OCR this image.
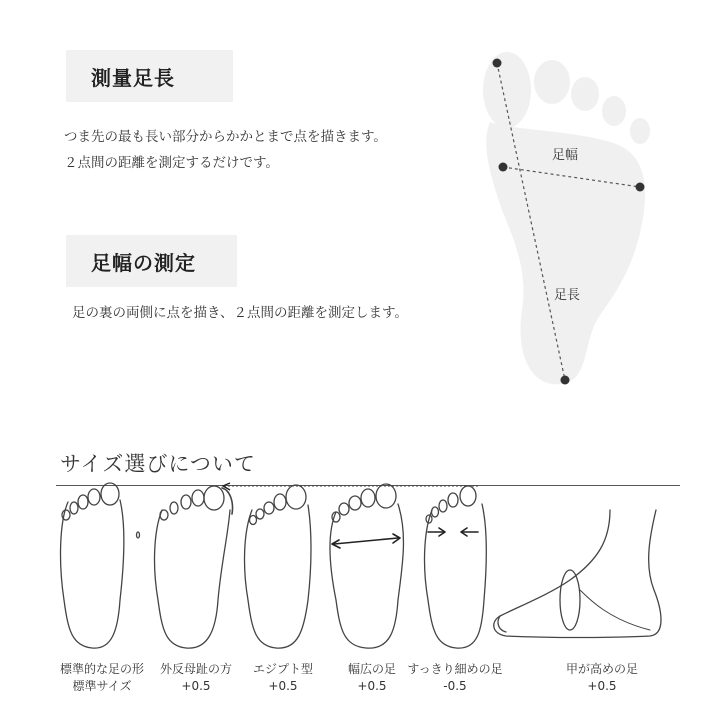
測量足長
つま先の最も長い部分からかかとまで点を描きます。
２点間の距離を測定するだけです。
足幅の測定
足の裏の両側に点を描き、２点間の距離を測定します。
足幅
足長
サイズ選びについて
標準的な足の形
標準サイズ
外反母趾の方
+0.5
エジプト型
+0.5
幅広の足
+0.5
すっきり細めの足
-0.5
甲が高めの足
+0.5
